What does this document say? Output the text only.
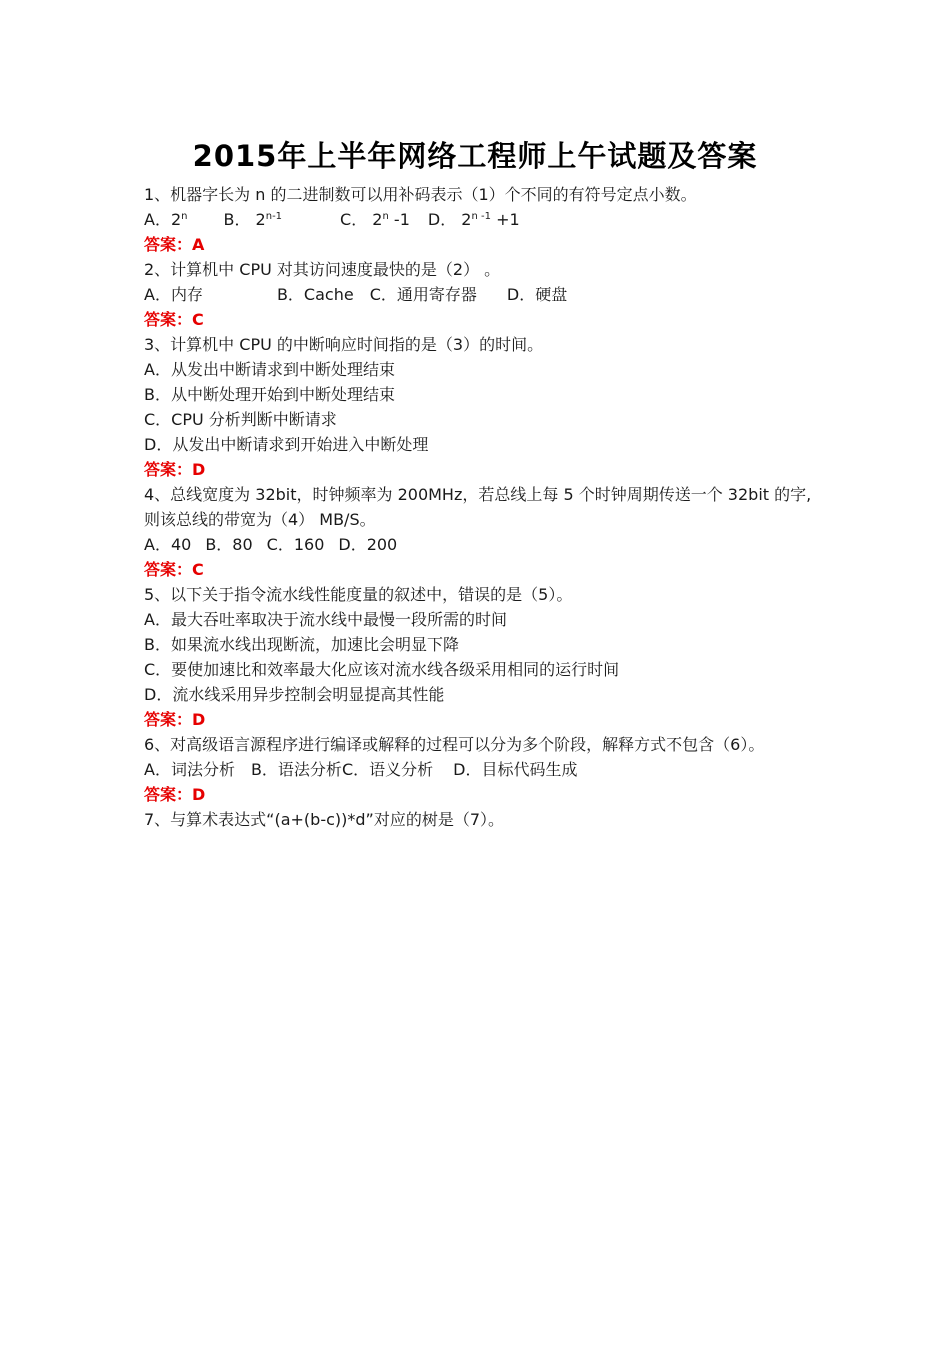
2015年上半年网络工程师上午试题及答案
1、机器字长为 n 的二进制数可以用补码表示（1）个不同的有符号定点小数。
A．2$^n$ B． 2$^{n-1}$	C． 2$^n$ -1 D． $2^{n -1} +1$
答案：A
2、计算机中 CPU 对其访问速度最快的是（2） 。
A．内存	B．Cache C．通用寄存器 D．硬盘
答案：C
3、计算机中 CPU 的中断响应时间指的是（3）的时间。
A．从发出中断请求到中断处理结束
B．从中断处理开始到中断处理结束
C．CPU 分析判断中断请求
D．从发出中断请求到开始进入中断处理
答案：D
4、总线宽度为 32bit，时钟频率为 200MHz，若总线上每 5 个时钟周期传送一个 32bit 的字,则该总线的带宽为（4） MB/S。
A．40 B．80 C．160 D．200
答案：C
5、以下关于指令流水线性能度量的叙述中，错误的是（5）。
A．最大吞吐率取决于流水线中最慢一段所需的时间
B．如果流水线出现断流，加速比会明显下降
C．要使加速比和效率最大化应该对流水线各级采用相同的运行时间
D．流水线采用异步控制会明显提高其性能
答案：D
6、对高级语言源程序进行编译或解释的过程可以分为多个阶段，解释方式不包含（6）。
A．词法分析 B．语法分析C．语义分析 D．目标代码生成
答案：D
7、与算术表达式“(a+(b-c))*d”对应的树是（7）。
